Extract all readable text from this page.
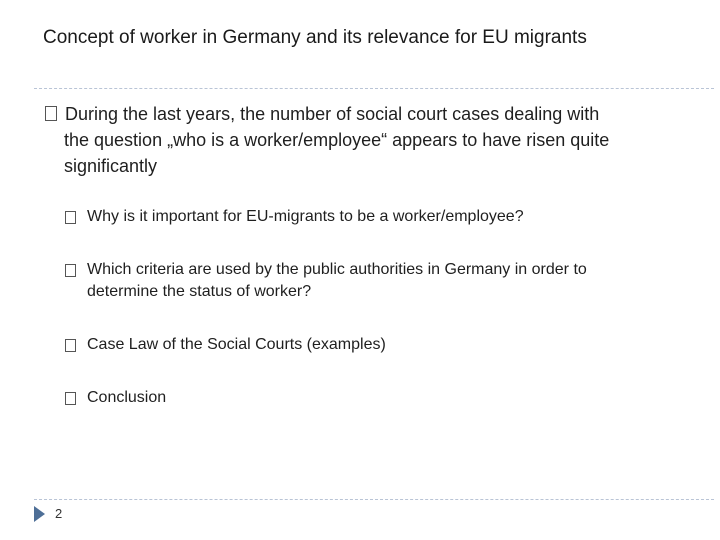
Concept of worker in Germany and its relevance for EU migrants
During the last years, the number of social court cases dealing with
the question „who is a worker/employee“ appears to have risen quite
significantly
Why is it important for EU-migrants to be a worker/employee?
Which criteria are used by the public authorities in Germany in order to
determine the status of worker?
Case Law of the Social Courts (examples)
Conclusion
2
